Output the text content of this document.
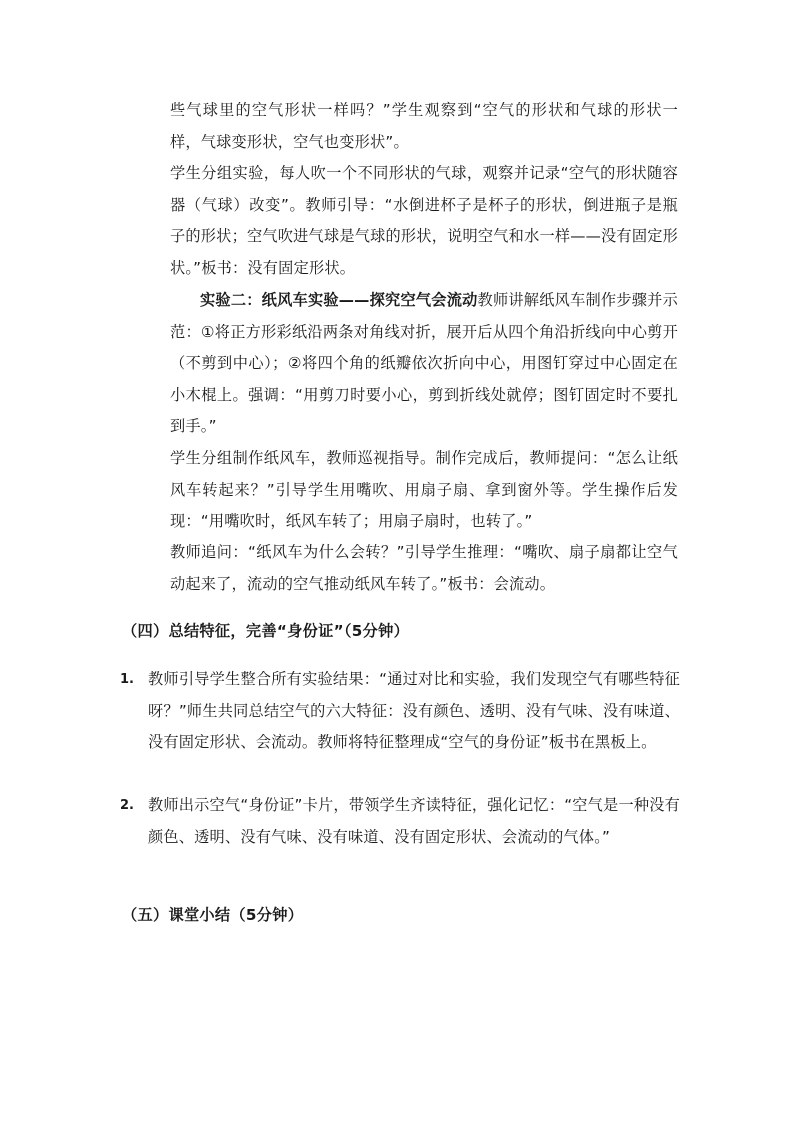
些气球里的空气形状一样吗？”学生观察到“空气的形状和气球的形状一样，气球变形状，空气也变形状”。

学生分组实验，每人吹一个不同形状的气球，观察并记录“空气的形状随容器（气球）改变”。教师引导：“水倒进杯子是杯子的形状，倒进瓶子是瓶子的形状；空气吹进气球是气球的形状，说明空气和水一样——没有固定形状。”板书：没有固定形状。

实验二：纸风车实验——探究空气会流动教师讲解纸风车制作步骤并示范：①将正方形彩纸沿两条对角线对折，展开后从四个角沿折线向中心剪开（不剪到中心）；②将四个角的纸瓣依次折向中心，用图钉穿过中心固定在小木棍上。强调：“用剪刀时要小心，剪到折线处就停；图钉固定时不要扎到手。”

学生分组制作纸风车，教师巡视指导。制作完成后，教师提问：“怎么让纸风车转起来？”引导学生用嘴吹、用扇子扇、拿到窗外等。学生操作后发现：“用嘴吹时，纸风车转了；用扇子扇时，也转了。”

教师追问：“纸风车为什么会转？”引导学生推理：“嘴吹、扇子扇都让空气动起来了，流动的空气推动纸风车转了。”板书：会流动。

（四）总结特征，完善“身份证”（5分钟）

1. 教师引导学生整合所有实验结果：“通过对比和实验，我们发现空气有哪些特征呀？”师生共同总结空气的六大特征：没有颜色、透明、没有气味、没有味道、没有固定形状、会流动。教师将特征整理成“空气的身份证”板书在黑板上。
2. 教师出示空气“身份证”卡片，带领学生齐读特征，强化记忆：“空气是一种没有颜色、透明、没有气味、没有味道、没有固定形状、会流动的气体。”

（五）课堂小结（5分钟）
